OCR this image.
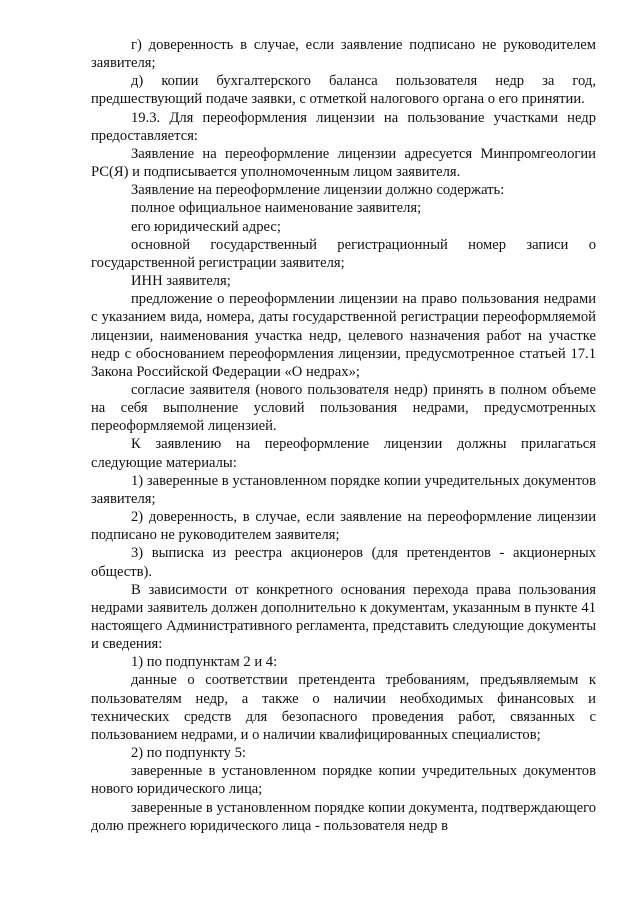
г) доверенность в случае, если заявление подписано не руководителем заявителя;

д) копии бухгалтерского баланса пользователя недр за год, предшествующий подаче заявки, с отметкой налогового органа о его принятии.

19.3. Для переоформления лицензии на пользование участками недр предоставляется:

Заявление на переоформление лицензии адресуется Минпромгеологии РС(Я) и подписывается уполномоченным лицом заявителя.

Заявление на переоформление лицензии должно содержать:

полное официальное наименование заявителя;

его юридический адрес;

основной государственный регистрационный номер записи о государственной регистрации заявителя;

ИНН заявителя;

предложение о переоформлении лицензии на право пользования недрами с указанием вида, номера, даты государственной регистрации переоформляемой лицензии, наименования участка недр, целевого назначения работ на участке недр с обоснованием переоформления лицензии, предусмотренное статьей 17.1 Закона Российской Федерации «О недрах»;

согласие заявителя (нового пользователя недр) принять в полном объеме на себя выполнение условий пользования недрами, предусмотренных переоформляемой лицензией.

К заявлению на переоформление лицензии должны прилагаться следующие материалы:

1) заверенные в установленном порядке копии учредительных документов заявителя;

2) доверенность, в случае, если заявление на переоформление лицензии подписано не руководителем заявителя;

3) выписка из реестра акционеров (для претендентов - акционерных обществ).

В зависимости от конкретного основания перехода права пользования недрами заявитель должен дополнительно к документам, указанным в пункте 41 настоящего Административного регламента, представить следующие документы и сведения:

1) по подпунктам 2 и 4:

данные о соответствии претендента требованиям, предъявляемым к пользователям недр, а также о наличии необходимых финансовых и технических средств для безопасного проведения работ, связанных с пользованием недрами, и о наличии квалифицированных специалистов;

2) по подпункту 5:

заверенные в установленном порядке копии учредительных документов нового юридического лица;

заверенные в установленном порядке копии документа, подтверждающего долю прежнего юридического лица - пользователя недр в
